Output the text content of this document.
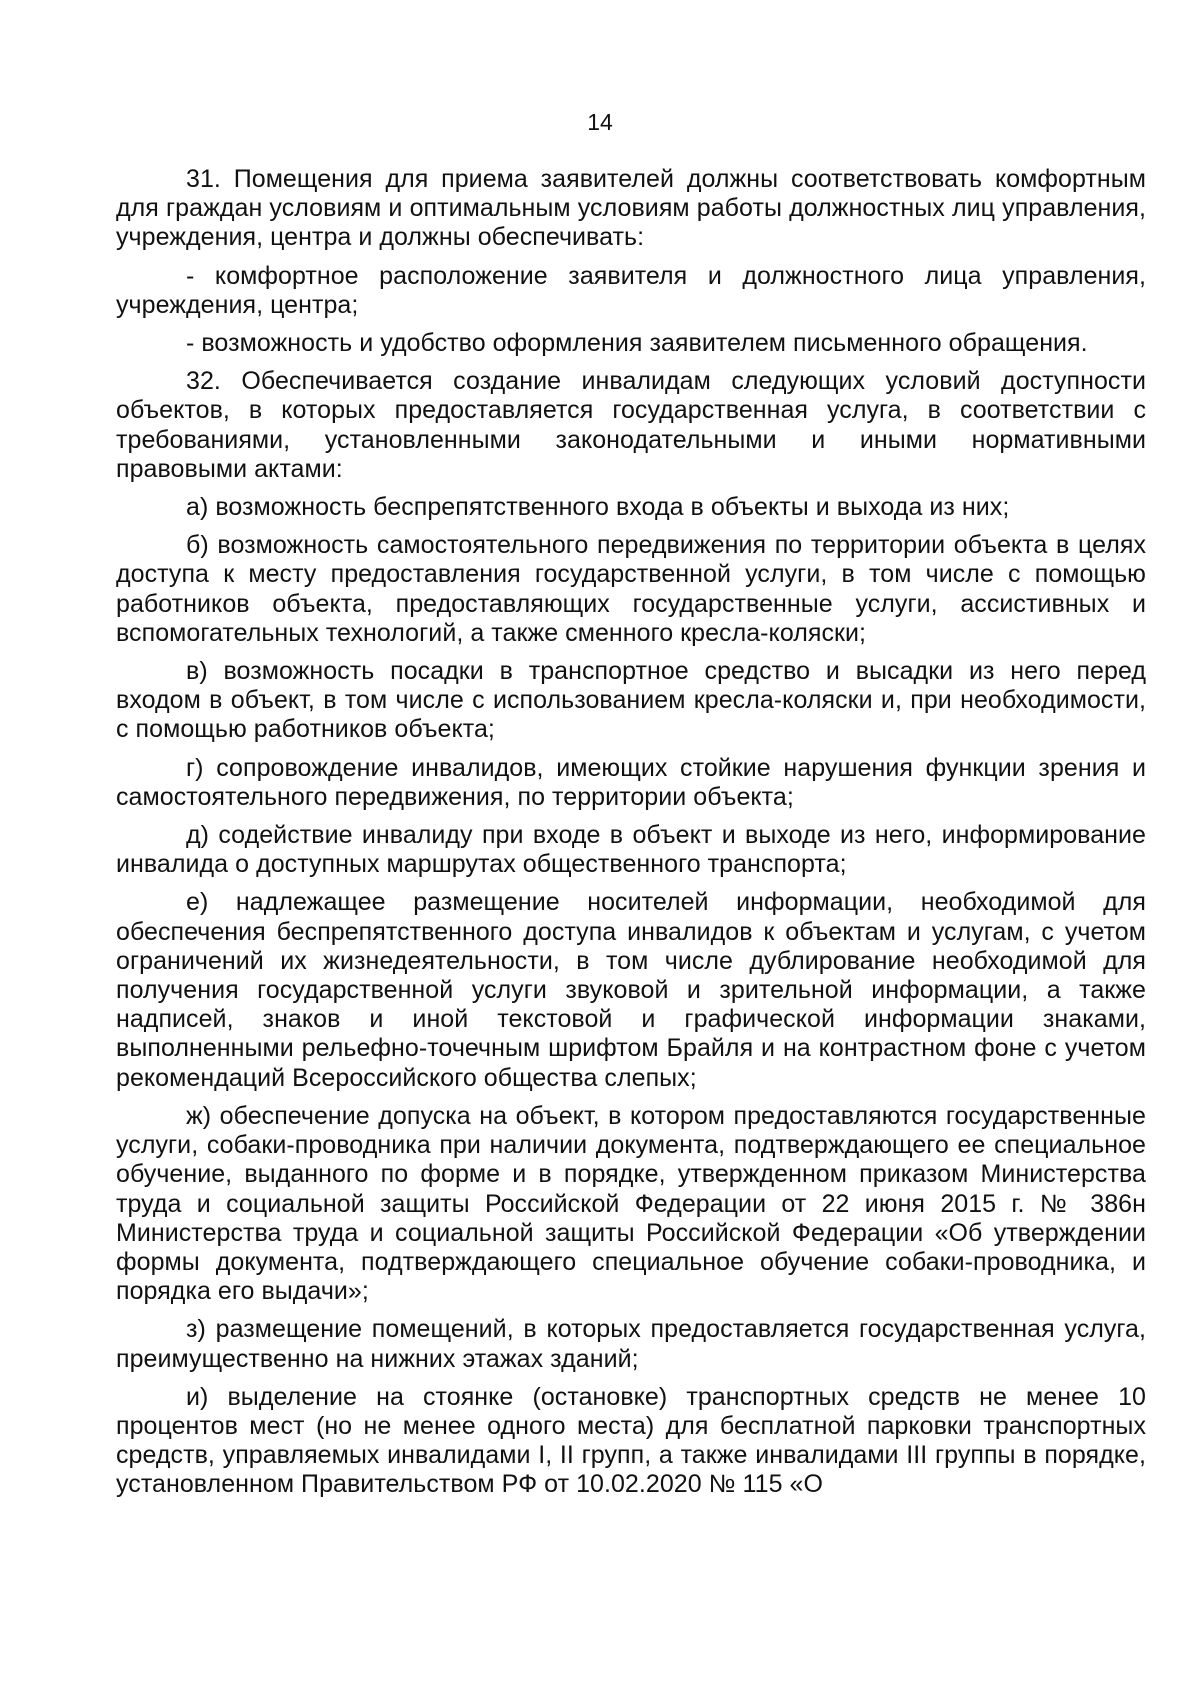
14

31. Помещения для приема заявителей должны соответствовать комфортным для граждан условиям и оптимальным условиям работы должностных лиц управления, учреждения, центра и должны обеспечивать:

- комфортное расположение заявителя и должностного лица управления, учреждения, центра;

- возможность и удобство оформления заявителем письменного обращения.

32. Обеспечивается создание инвалидам следующих условий доступности объектов, в которых предоставляется государственная услуга, в соответствии с требованиями, установленными законодательными и иными нормативными правовыми актами:

а) возможность беспрепятственного входа в объекты и выхода из них;

б) возможность самостоятельного передвижения по территории объекта в целях доступа к месту предоставления государственной услуги, в том числе с помощью работников объекта, предоставляющих государственные услуги, ассистивных и вспомогательных технологий, а также сменного кресла-коляски;

в) возможность посадки в транспортное средство и высадки из него перед входом в объект, в том числе с использованием кресла-коляски и, при необходимости, с помощью работников объекта;

г) сопровождение инвалидов, имеющих стойкие нарушения функции зрения и самостоятельного передвижения, по территории объекта;

д) содействие инвалиду при входе в объект и выходе из него, информирование инвалида о доступных маршрутах общественного транспорта;

е) надлежащее размещение носителей информации, необходимой для обеспечения беспрепятственного доступа инвалидов к объектам и услугам, с учетом ограничений их жизнедеятельности, в том числе дублирование необходимой для получения государственной услуги звуковой и зрительной информации, а также надписей, знаков и иной текстовой и графической информации знаками, выполненными рельефно-точечным шрифтом Брайля и на контрастном фоне с учетом рекомендаций Всероссийского общества слепых;

ж) обеспечение допуска на объект, в котором предоставляются государственные услуги, собаки-проводника при наличии документа, подтверждающего ее специальное обучение, выданного по форме и в порядке, утвержденном приказом Министерства труда и социальной защиты Российской Федерации от 22 июня 2015 г. № 386н Министерства труда и социальной защиты Российской Федерации «Об утверждении формы документа, подтверждающего специальное обучение собаки-проводника, и порядка его выдачи»;

з) размещение помещений, в которых предоставляется государственная услуга, преимущественно на нижних этажах зданий;

и) выделение на стоянке (остановке) транспортных средств не менее 10 процентов мест (но не менее одного места) для бесплатной парковки транспортных средств, управляемых инвалидами I, II групп, а также инвалидами III группы в порядке, установленном Правительством РФ от 10.02.2020 № 115 «О
